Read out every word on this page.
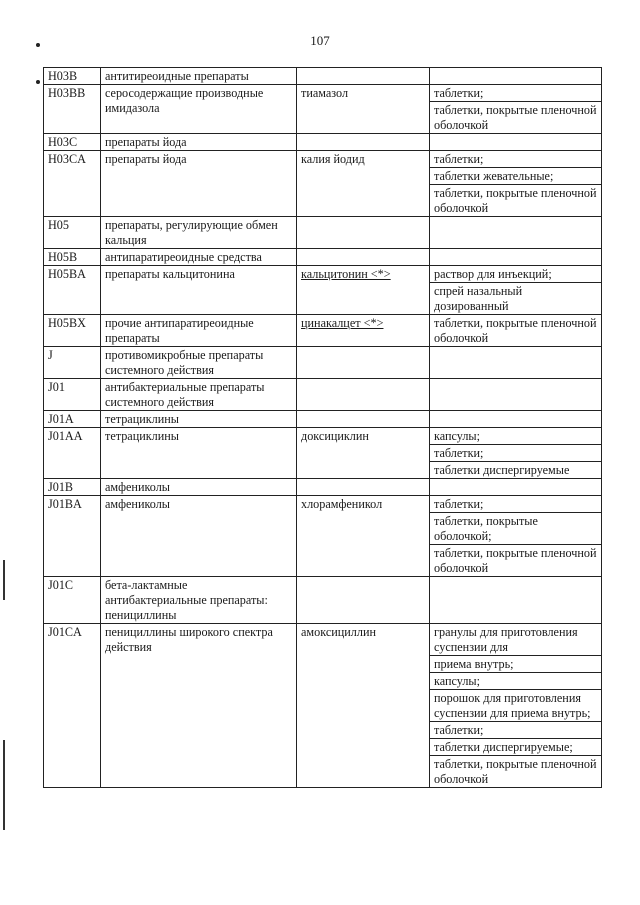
107
H03B	антитиреоидные препараты		
H03BB	серосодержащие производные имидазола	тиамазол	таблетки;
			таблетки, покрытые пленочной оболочкой
H03C	препараты йода		
H03CA	препараты йода	калия йодид	таблетки;
			таблетки жевательные;
			таблетки, покрытые пленочной оболочкой
H05	препараты, регулирующие обмен кальция		
H05B	антипаратиреоидные средства		
H05BA	препараты кальцитонина	кальцитонин <*>	раствор для инъекций;
			спрей назальный дозированный
H05BX	прочие антипаратиреоидные препараты	цинакалцет <*>	таблетки, покрытые пленочной оболочкой
J	противомикробные препараты системного действия		
J01	антибактериальные препараты системного действия		
J01A	тетрациклины		
J01AA	тетрациклины	доксициклин	капсулы;
			таблетки;
			таблетки диспергируемые
J01B	амфениколы		
J01BA	амфениколы	хлорамфеникол	таблетки;
			таблетки, покрытые оболочкой;
			таблетки, покрытые пленочной оболочкой
J01C	бета-лактамные антибактериальные препараты: пенициллины		
J01CA	пенициллины широкого спектра действия	амоксициллин	гранулы для приготовления суспензии для
			приема внутрь;
			капсулы;
			порошок для приготовления суспензии для приема внутрь;
			таблетки;
			таблетки диспергируемые;
			таблетки, покрытые пленочной оболочкой
